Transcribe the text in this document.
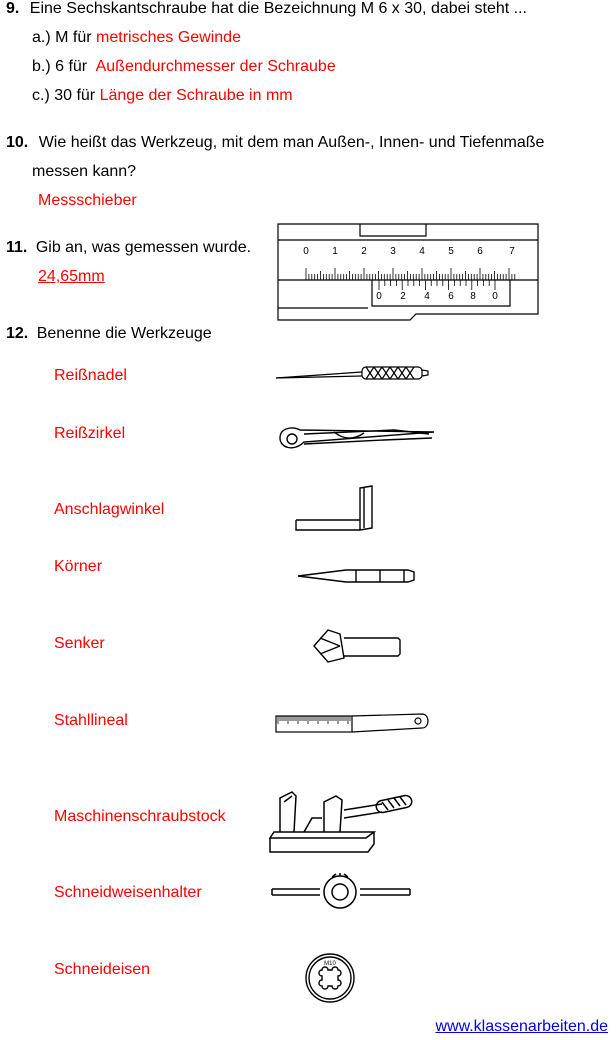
9. Eine Sechskantschraube hat die Bezeichnung M 6 x 30, dabei steht ...
a.) M für metrisches Gewinde
b.) 6 für Außendurchmesser der Schraube
c.) 30 für Länge der Schraube in mm
10. Wie heißt das Werkzeug, mit dem man Außen-, Innen- und Tiefenmaße
messen kann?
Messschieber
11. Gib an, was gemessen wurde.
24,65mm
0 1 2 3 4 5 6	7
0 2 4 6 8 0
12. Benenne die Werkzeuge
Reißnadel
Reißzirkel
Anschlagwinkel
Körner
Senker
Stahllineal
Maschinenschraubstock
Schneidweisenhalter
Schneideisen	M10
www.klassenarbeiten.de
